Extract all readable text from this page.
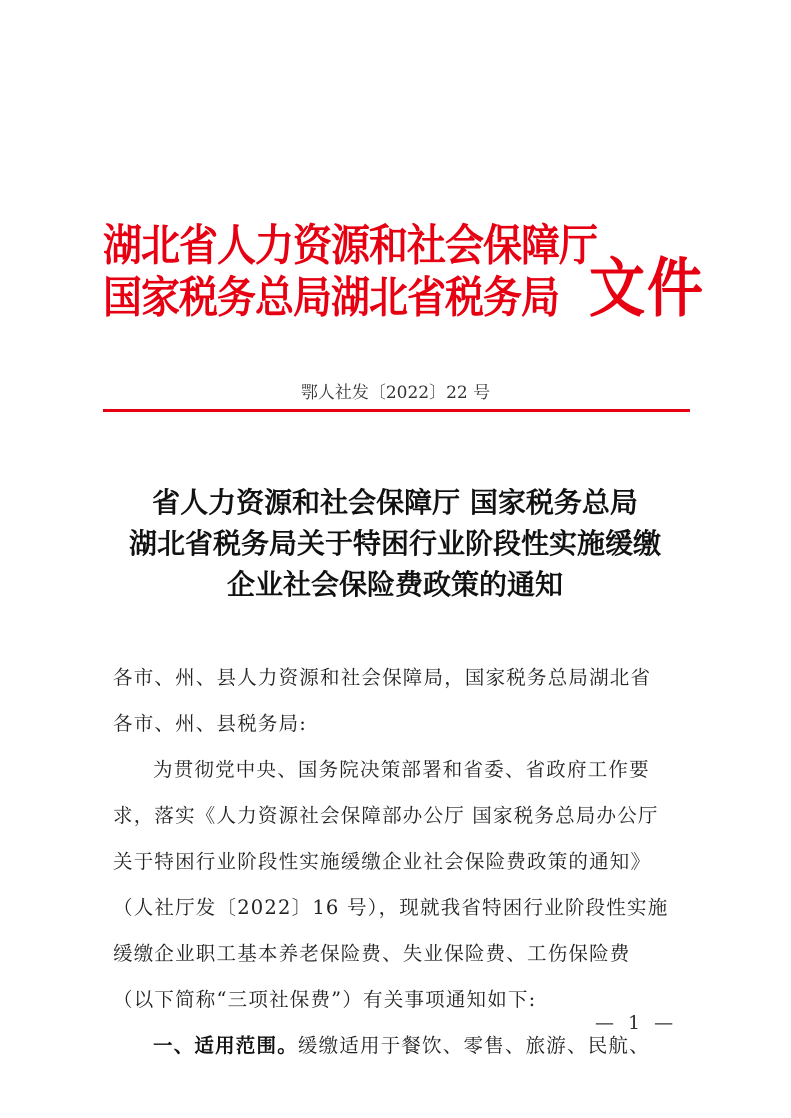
湖北省人力资源和社会保障厅
国家税务总局湖北省税务局 文件
鄂人社发〔2022〕22 号
省人力资源和社会保障厅 国家税务总局
湖北省税务局关于特困行业阶段性实施缓缴
企业社会保险费政策的通知

各市、州、县人力资源和社会保障局，国家税务总局湖北省

各市、州、县税务局:

为贯彻党中央、国务院决策部署和省委、省政府工作要

求，落实《人力资源社会保障部办公厅 国家税务总局办公厅

关于特困行业阶段性实施缓缴企业社会保险费政策的通知》

（人社厅发〔2022〕16 号），现就我省特困行业阶段性实施

缓缴企业职工基本养老保险费、失业保险费、工伤保险费

（以下简称“三项社保费”）有关事项通知如下:

一、适用范围。缓缴适用于餐饮、零售、旅游、民航、

— 1 —
